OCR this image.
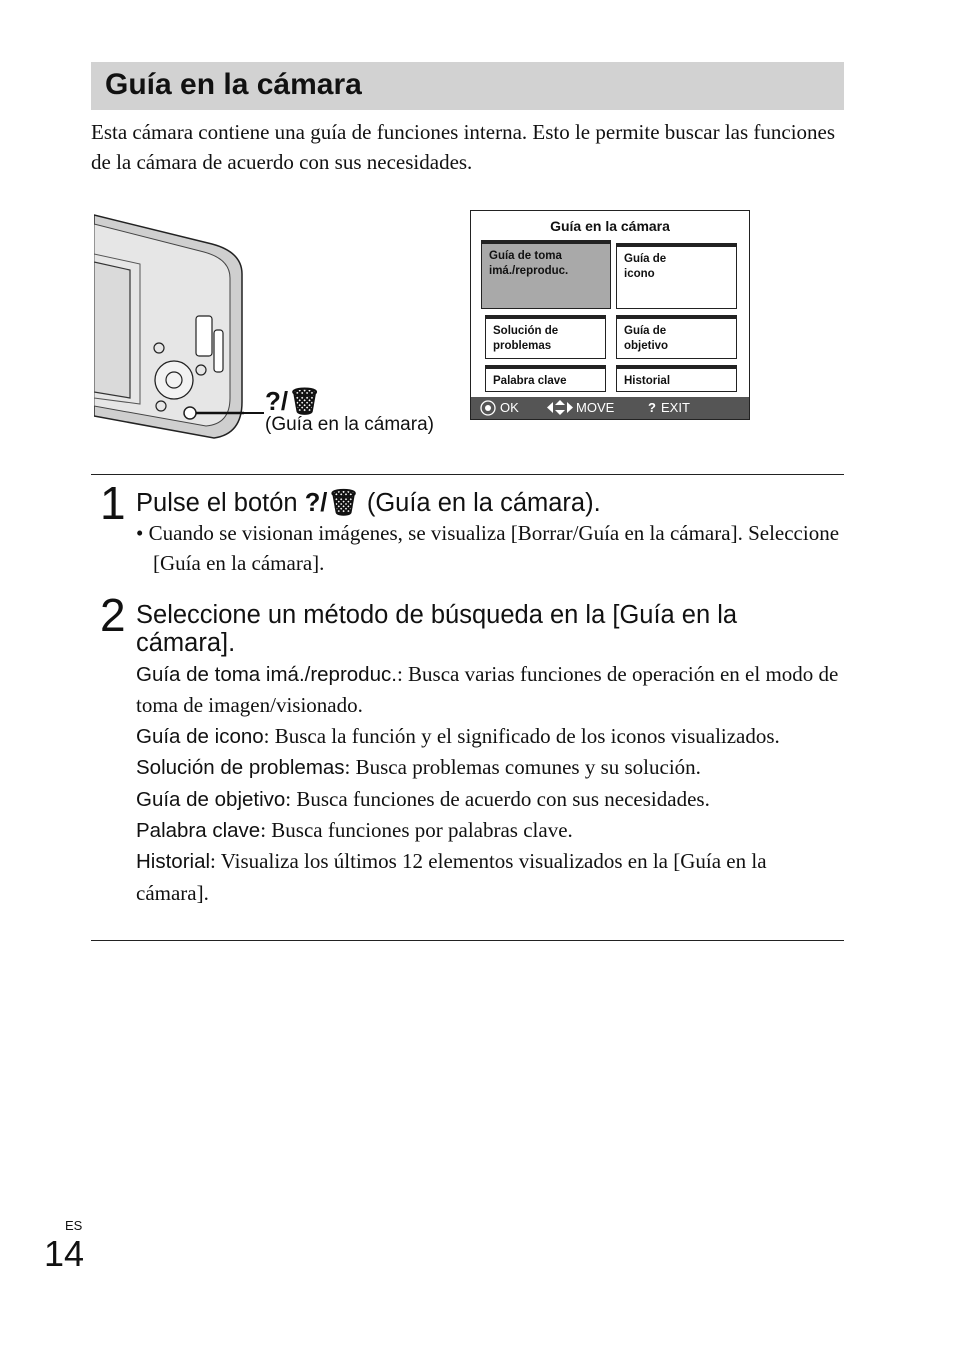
Guía en la cámara
Esta cámara contiene una guía de funciones interna. Esto le permite buscar las funciones de la cámara de acuerdo con sus necesidades.
?/🗑
(Guía en la cámara)
Guía en la cámara
Guía de toma
imá./reproduc.
Guía de
icono
Solución de
problemas
Guía de
objetivo
Palabra clave	Historial
OK	MOVE	? EXIT
1 Pulse el botón ?/🗑 (Guía en la cámara).
• Cuando se visionan imágenes, se visualiza [Borrar/Guía en la cámara]. Seleccione [Guía en la cámara].
2 Seleccione un método de búsqueda en la [Guía en la cámara].

Guía de toma imá./reproduc.: Busca varias funciones de operación en el modo de toma de imagen/visionado.

Guía de icono: Busca la función y el significado de los iconos visualizados.

Solución de problemas: Busca problemas comunes y su solución.

Guía de objetivo: Busca funciones de acuerdo con sus necesidades.

Palabra clave: Busca funciones por palabras clave.

Historial: Visualiza los últimos 12 elementos visualizados en la [Guía en la cámara].

ES
14
